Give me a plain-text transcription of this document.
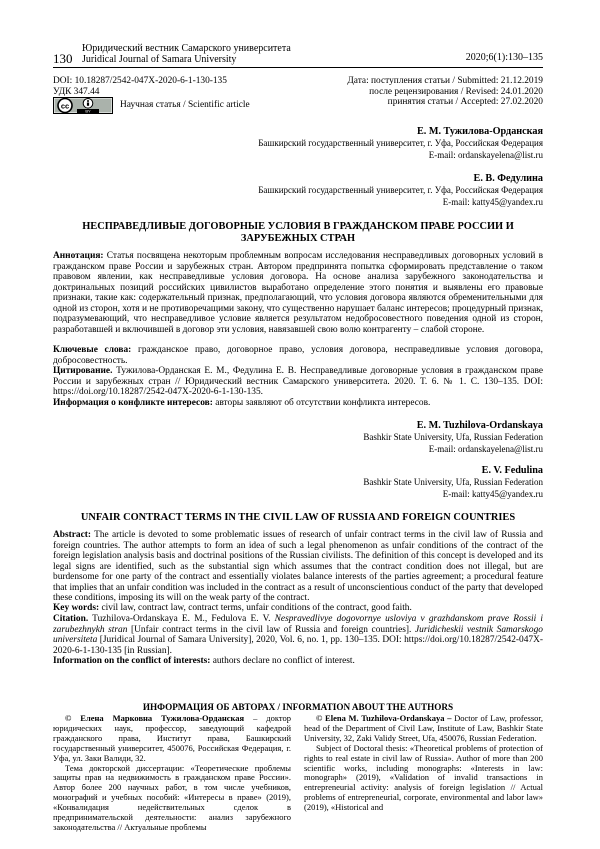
130
Юридический вестник Самарского университета
Juridical Journal of Samara University	2020;6(1):130–135
DOI: 10.18287/2542-047X-2020-6-1-130-135
УДК 347.44
cc
BY
Научная статья / Scientific article
Дата: поступления статьи / Submitted: 21.12.2019
после рецензирования / Revised: 24.01.2020
принятия статьи / Accepted: 27.02.2020
Е. М. Тужилова-Орданская
Башкирский государственный университет, г. Уфа, Российская Федерация
E-mail: ordanskayelena@list.ru
Е. В. Федулина
Башкирский государственный университет, г. Уфа, Российская Федерация
E-mail: katty45@yandex.ru
НЕСПРАВЕДЛИВЫЕ ДОГОВОРНЫЕ УСЛОВИЯ В ГРАЖДАНСКОМ ПРАВЕ РОССИИ И ЗАРУБЕЖНЫХ СТРАН
Аннотация: Статья посвящена некоторым проблемным вопросам исследования несправедливых договорных условий в гражданском праве России и зарубежных стран. Автором предпринята попытка сформировать представление о таком правовом явлении, как несправедливые условия договора. На основе анализа зарубежного законодательства и доктринальных позиций российских цивилистов выработано определение этого понятия и выявлены его правовые признаки, такие как: содержательный признак, предполагающий, что условия договора являются обременительными для одной из сторон, хотя и не противоречащими закону, что существенно нарушает баланс интересов; процедурный признак, подразумевающий, что несправедливое условие является результатом недобросовестного поведения одной из сторон, разработавшей и включившей в договор эти условия, навязавшей свою волю контрагенту – слабой стороне.
Ключевые слова: гражданское право, договорное право, условия договора, несправедливые условия договора, добросовестность.
Цитирование. Тужилова-Орданская Е. М., Федулина Е. В. Несправедливые договорные условия в гражданском праве России и зарубежных стран // Юридический вестник Самарского университета. 2020. Т. 6. № 1. С. 130–135. DOI: https://doi.org/10.18287/2542-047X-2020-6-1-130-135.
Информация о конфликте интересов: авторы заявляют об отсутствии конфликта интересов.
E. M. Tuzhilova-Ordanskaya
Bashkir State University, Ufa, Russian Federation
E-mail: ordanskayelena@list.ru
E. V. Fedulina
Bashkir State University, Ufa, Russian Federation
E-mail: katty45@yandex.ru
UNFAIR CONTRACT TERMS IN THE CIVIL LAW OF RUSSIA AND FOREIGN COUNTRIES
Abstract: The article is devoted to some problematic issues of research of unfair contract terms in the civil law of Russia and foreign countries. The author attempts to form an idea of such a legal phenomenon as unfair conditions of the contract of the foreign legislation analysis basis and doctrinal positions of the Russian civilists. The definition of this concept is developed and its legal signs are identified, such as the substantial sign which assumes that the contract condition does not illegal, but are burdensome for one party of the contract and essentially violates balance interests of the parties agreement; a procedural feature that implies that an unfair condition was included in the contract as a result of unconscientious conduct of the party that developed these conditions, imposing its will on the weak party of the contract.
Key words: civil law, contract law, contract terms, unfair conditions of the contract, good faith.
Citation. Tuzhilova-Ordanskaya E. M., Fedulova E. V. Nespravedlivye dogovornye usloviya v grazhdanskom prave Rossii i zarubezhnykh stran [Unfair contract terms in the civil law of Russia and foreign countries]. Juridicheskii vestnik Samarskogo universiteta [Juridical Journal of Samara University], 2020, Vol. 6, no. 1, pp. 130–135. DOI: https://doi.org/10.18287/2542-047X-2020-6-1-130-135 [in Russian].
Information on the conflict of interests: authors declare no conflict of interest.
ИНФОРМАЦИЯ ОБ АВТОРАХ / INFORMATION ABOUT THE AUTHORS

© Елена Марковна Тужилова-Орданская – доктор юридических наук, профессор, заведующий кафедрой гражданского права, Институт права, Башкирский государственный университет, 450076, Российская Федерация, г. Уфа, ул. Заки Валиди, 32.

Тема докторской диссертации: «Теоретические проблемы защиты прав на недвижимость в гражданском праве России». Автор более 200 научных работ, в том числе учебников, монографий и учебных пособий: «Интересы в праве» (2019), «Конвалидация недействительных сделок в предпринимательской деятельности: анализ зарубежного законодательства // Актуальные проблемы

© Elena M. Tuzhilova-Ordanskaya – Doctor of Law, professor, head of the Department of Civil Law, Institute of Law, Bashkir State University, 32, Zaki Validy Street, Ufa, 450076, Russian Federation.

Subject of Doctoral thesis: «Theoretical problems of protection of rights to real estate in civil law of Russia». Author of more than 200 scientific works, including monographs: «Interests in law: monograph» (2019), «Validation of invalid transactions in entrepreneurial activity: analysis of foreign legislation // Actual problems of entrepreneurial, corporate, environmental and labor law» (2019), «Historical and
